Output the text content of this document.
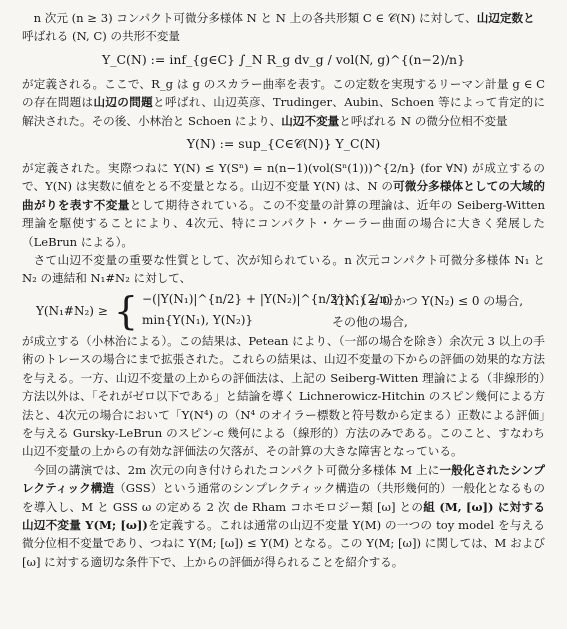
n 次元 (n ≥ 3) コンパクト可微分多様体 N と N 上の各共形類 C ∈ 𝒞(N) に対して、山辺定数と
呼ばれる (N, C) の共形不変量

Y_C(N) := inf_{g∈C} ∫_N R_g dv_g / vol(N, g)^{(n−2)/n}

が定義される。ここで、R_g は g のスカラー曲率を表す。この定数を実現するリーマン計量 g ∈ C の存在問題は山辺の問題と呼ばれ、山辺英彦、Trudinger、Aubin、Schoen 等によって肯定的に解決された。その後、小林治と Schoen により、山辺不変量と呼ばれる N の微分位相不変量

Y(N) := sup_{C∈𝒞(N)} Y_C(N)

が定義された。実際つねに Y(N) ≤ Y(Sⁿ) = n(n−1)(vol(Sⁿ(1)))^{2/n} (for ∀N) が成立するので、Y(N) は実数に値をとる不変量となる。山辺不変量 Y(N) は、N の可微分多様体としての大域的曲がりを表す不変量として期待されている。この不変量の計算の理論は、近年の Seiberg-Witten 理論を駆使することにより、4次元、特にコンパクト・ケーラー曲面の場合に大きく発展した（LeBrun による）。

さて山辺不変量の重要な性質として、次が知られている。n 次元コンパクト可微分多様体 N₁ と N₂ の連結和 N₁#N₂ に対して、

Y(N₁#N₂) ≥ { −(|Y(N₁)|^{n/2} + |Y(N₂)|^{n/2})^{2/n}
Y(N₁) ≤ 0 かつ Y(N₂) ≤ 0 の場合,
min{Y(N₁), Y(N₂)}	その他の場合,

が成立する（小林治による）。この結果は、Petean により、（一部の場合を除き）余次元 3 以上の手術のトレースの場合にまで拡張された。これらの結果は、山辺不変量の下からの評価の効果的な方法を与える。一方、山辺不変量の上からの評価法は、上記の Seiberg-Witten 理論による（非線形的）方法以外は、「それがゼロ以下である」と結論を導く Lichnerowicz-Hitchin のスピン幾何による方法と、4次元の場合において「Y(N⁴) の（N⁴ のオイラー標数と符号数から定まる）正数による評価」を与える Gursky-LeBrun のスピン-c 幾何による（線形的）方法のみである。このこと、すなわち山辺不変量の上からの有効な評価法の欠落が、その計算の大きな障害となっている。

今回の講演では、2m 次元の向き付けられたコンパクト可微分多様体 M 上に一般化されたシンプレクティック構造（GSS）という通常のシンプレクティック構造の（共形幾何的）一般化となるものを導入し、M と GSS ω の定める 2 次 de Rham コホモロジー類 [ω] との組 (M, [ω]) に対する山辺不変量 Y(M; [ω])を定義する。これは通常の山辺不変量 Y(M) の一つの toy model を与える微分位相不変量であり、つねに Y(M; [ω]) ≤ Y(M) となる。この Y(M; [ω]) に関しては、M および [ω] に対する適切な条件下で、上からの評価が得られることを紹介する。
